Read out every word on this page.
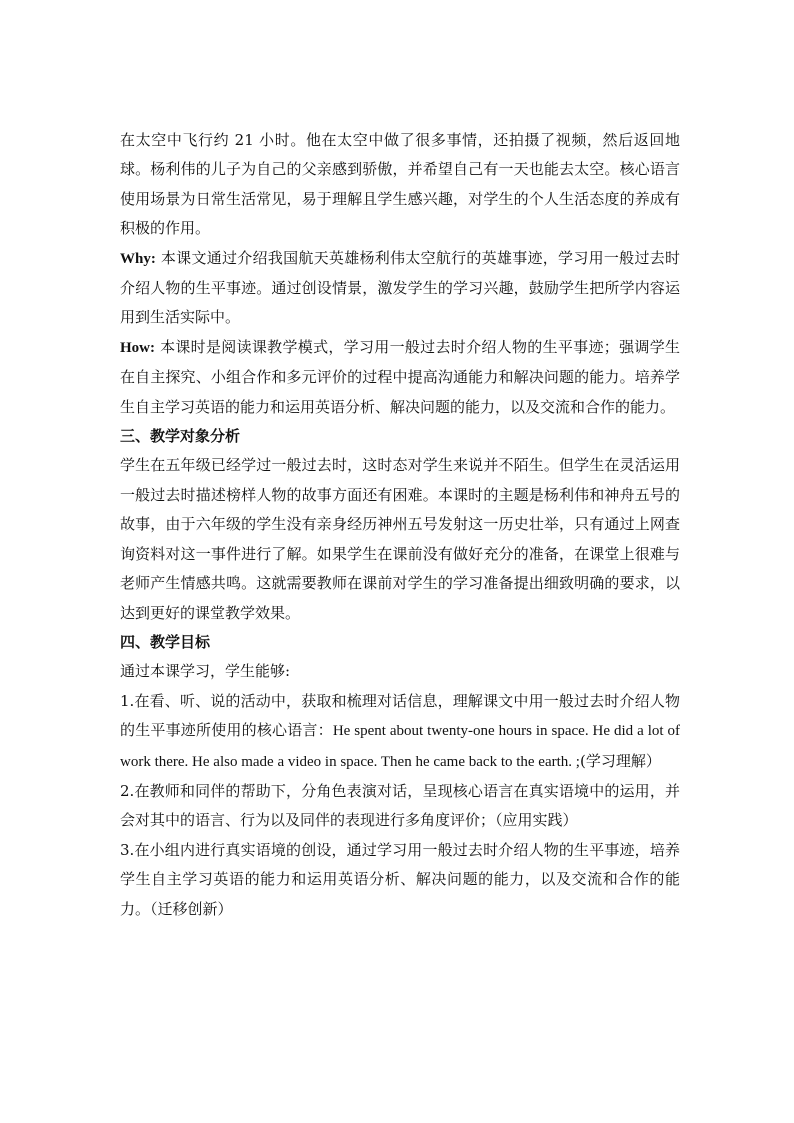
在太空中飞行约 21 小时。他在太空中做了很多事情，还拍摄了视频，然后返回地球。杨利伟的儿子为自己的父亲感到骄傲，并希望自己有一天也能去太空。核心语言使用场景为日常生活常见，易于理解且学生感兴趣，对学生的个人生活态度的养成有积极的作用。

Why: 本课文通过介绍我国航天英雄杨利伟太空航行的英雄事迹，学习用一般过去时介绍人物的生平事迹。通过创设情景，激发学生的学习兴趣，鼓励学生把所学内容运用到生活实际中。

How: 本课时是阅读课教学模式，学习用一般过去时介绍人物的生平事迹；强调学生在自主探究、小组合作和多元评价的过程中提高沟通能力和解决问题的能力。培养学生自主学习英语的能力和运用英语分析、解决问题的能力，以及交流和合作的能力。

三、教学对象分析

学生在五年级已经学过一般过去时，这时态对学生来说并不陌生。但学生在灵活运用一般过去时描述榜样人物的故事方面还有困难。本课时的主题是杨利伟和神舟五号的故事，由于六年级的学生没有亲身经历神州五号发射这一历史壮举，只有通过上网查询资料对这一事件进行了解。如果学生在课前没有做好充分的准备，在课堂上很难与老师产生情感共鸣。这就需要教师在课前对学生的学习准备提出细致明确的要求，以达到更好的课堂教学效果。

四、教学目标

通过本课学习，学生能够:

1.在看、听、说的活动中，获取和梳理对话信息，理解课文中用一般过去时介绍人物的生平事迹所使用的核心语言：He spent about twenty-one hours in space. He did a lot of work there. He also made a video in space. Then he came back to the earth. ;(学习理解）

2.在教师和同伴的帮助下，分角色表演对话，呈现核心语言在真实语境中的运用，并会对其中的语言、行为以及同伴的表现进行多角度评价；（应用实践）

3.在小组内进行真实语境的创设，通过学习用一般过去时介绍人物的生平事迹，培养学生自主学习英语的能力和运用英语分析、解决问题的能力，以及交流和合作的能力。（迁移创新）
